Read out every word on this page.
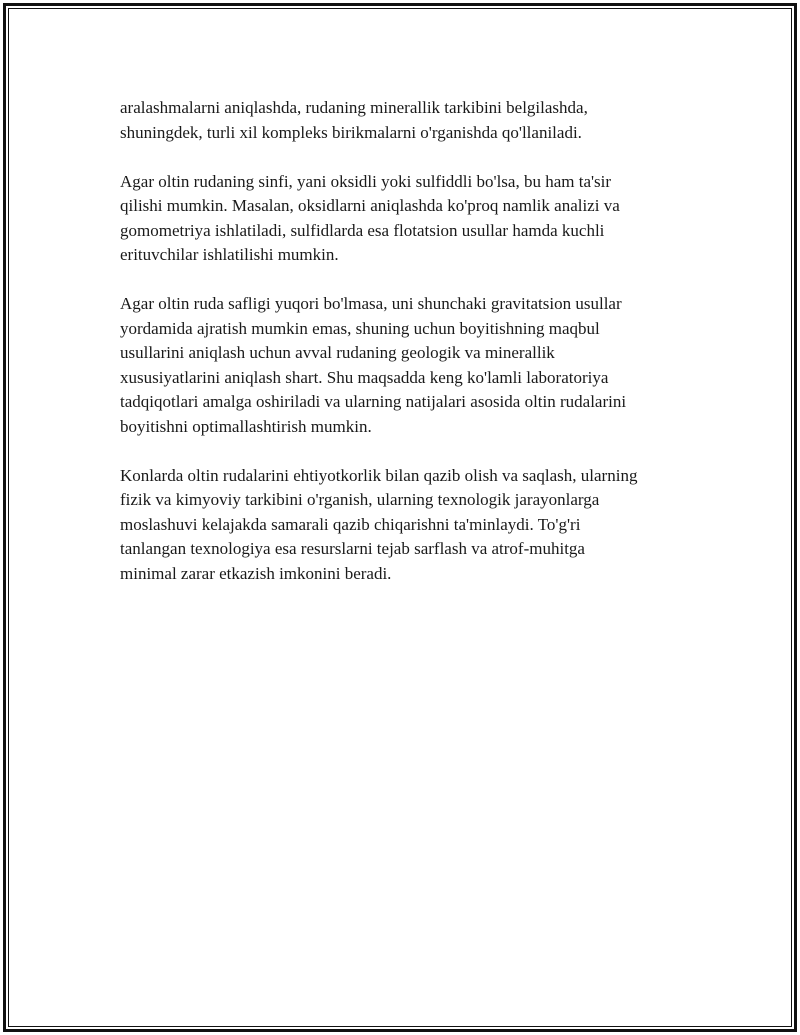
aralashmalarni aniqlashda, rudaning minerallik tarkibini belgilashda,
shuningdek, turli xil kompleks birikmalarni o'rganishda qo'llaniladi.

Agar oltin rudaning sinfi, yani oksidli yoki sulfiddli bo'lsa, bu ham ta'sir
qilishi mumkin. Masalan, oksidlarni aniqlashda ko'proq namlik analizi va
gomometriya ishlatiladi, sulfidlarda esa flotatsion usullar hamda kuchli
erituvchilar ishlatilishi mumkin.

Agar oltin ruda safligi yuqori bo'lmasa, uni shunchaki gravitatsion usullar
yordamida ajratish mumkin emas, shuning uchun boyitishning maqbul
usullarini aniqlash uchun avval rudaning geologik va minerallik
xususiyatlarini aniqlash shart. Shu maqsadda keng ko'lamli laboratoriya
tadqiqotlari amalga oshiriladi va ularning natijalari asosida oltin rudalarini
boyitishni optimallashtirish mumkin.

Konlarda oltin rudalarini ehtiyotkorlik bilan qazib olish va saqlash, ularning
fizik va kimyoviy tarkibini o'rganish, ularning texnologik jarayonlarga
moslashuvi kelajakda samarali qazib chiqarishni ta'minlaydi. To'g'ri
tanlangan texnologiya esa resurslarni tejab sarflash va atrof-muhitga
minimal zarar etkazish imkonini beradi.
